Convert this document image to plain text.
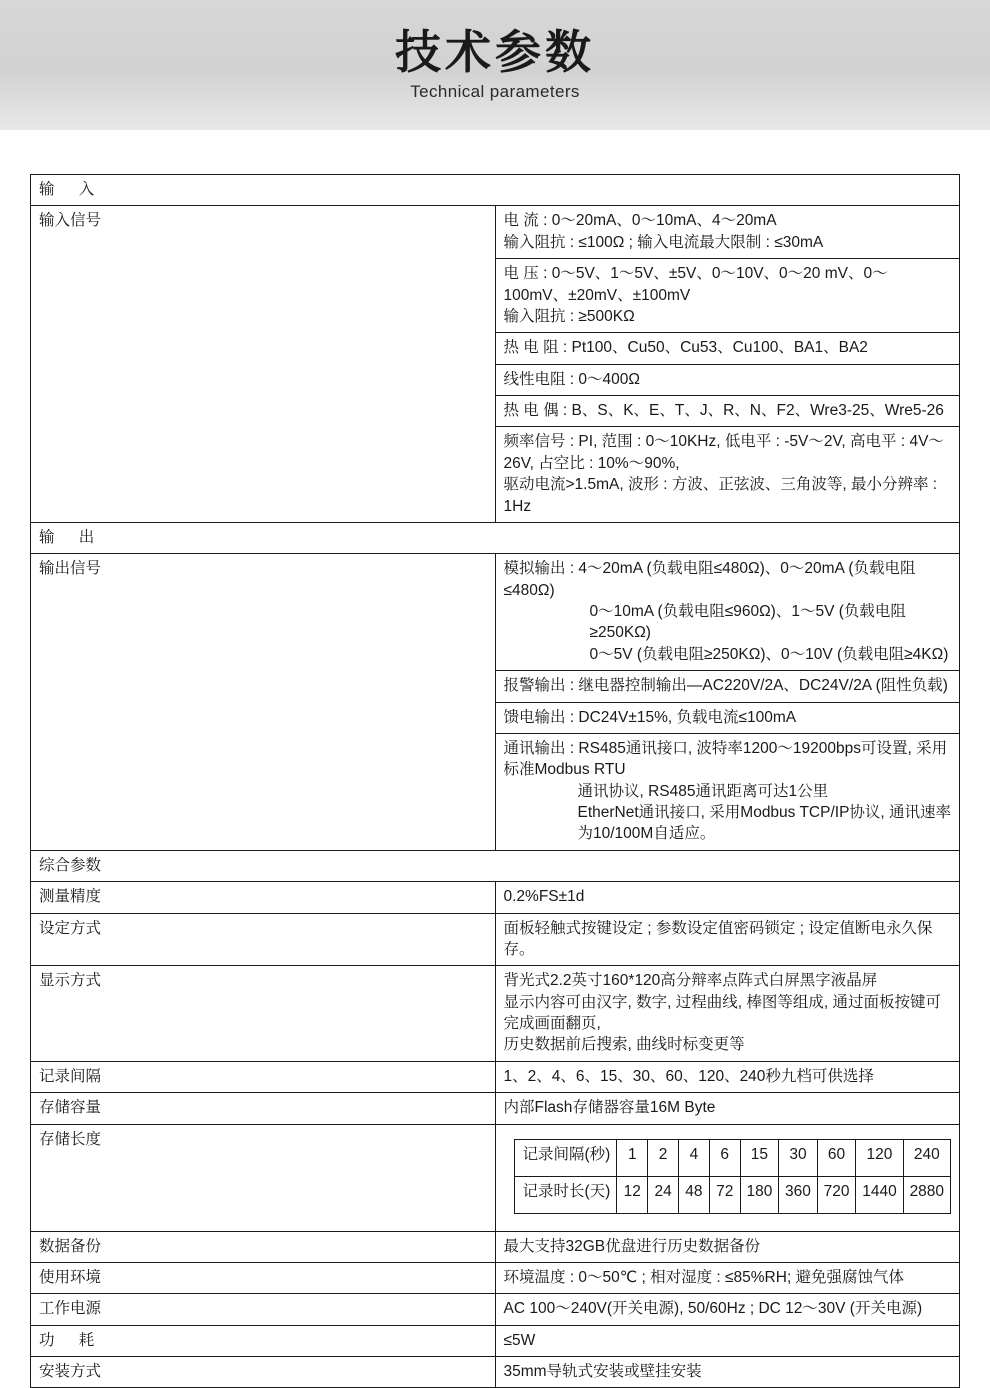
技术参数
Technical parameters
输 入
输入信号	电 流 : 0～20mA、0～10mA、4～20mA
输入阻抗 : ≤100Ω ; 输入电流最大限制 : ≤30mA

电 压 : 0～5V、1～5V、±5V、0～10V、0～20 mV、0～100mV、±20mV、±100mV
输入阻抗 : ≥500KΩ

热 电 阻 : Pt100、Cu50、Cu53、Cu100、BA1、BA2

线性电阻 : 0～400Ω

热 电 偶 : B、S、K、E、T、J、R、N、F2、Wre3-25、Wre5-26

频率信号 : PI, 范围 : 0～10KHz, 低电平 : -5V～2V, 高电平 : 4V～26V, 占空比 : 10%～90%,
驱动电流>1.5mA, 波形 : 方波、正弦波、三角波等, 最小分辨率 : 1Hz

输 出
输出信号	模拟输出 : 4～20mA (负载电阻≤480Ω)、0～20mA (负载电阻≤480Ω)
0～10mA (负载电阻≤960Ω)、1～5V (负载电阻≥250KΩ)
0～5V (负载电阻≥250KΩ)、0～10V (负载电阻≥4KΩ)

报警输出 : 继电器控制输出—AC220V/2A、DC24V/2A (阻性负载)

馈电输出 : DC24V±15%, 负载电流≤100mA

通讯输出 : RS485通讯接口, 波特率1200～19200bps可设置, 采用标准Modbus RTU
通讯协议, RS485通讯距离可达1公里
EtherNet通讯接口, 采用Modbus TCP/IP协议, 通讯速率为10/100M自适应。

综合参数
测量精度	0.2%FS±1d

设定方式	面板轻触式按键设定 ; 参数设定值密码锁定 ; 设定值断电永久保存。

显示方式	背光式2.2英寸160*120高分辩率点阵式白屏黑字液晶屏
显示内容可由汉字, 数字, 过程曲线, 棒图等组成, 通过面板按键可完成画面翻页,
历史数据前后搜索, 曲线时标变更等

记录间隔	1、2、4、6、15、30、60、120、240秒九档可供选择

存储容量	内部Flash存储器容量16M Byte

存储长度	
记录间隔(秒)	1	2	4	6	15	30	60	120	240
记录时长(天)	12	24	48	72	180	360	720	1440	2880

数据备份	最大支持32GB优盘进行历史数据备份

使用环境	环境温度 : 0～50℃ ; 相对湿度 : ≤85%RH; 避免强腐蚀气体

工作电源	AC 100～240V(开关电源), 50/60Hz ; DC 12～30V (开关电源)

功 耗	≤5W

安装方式	35mm导轨式安装或壁挂安装
